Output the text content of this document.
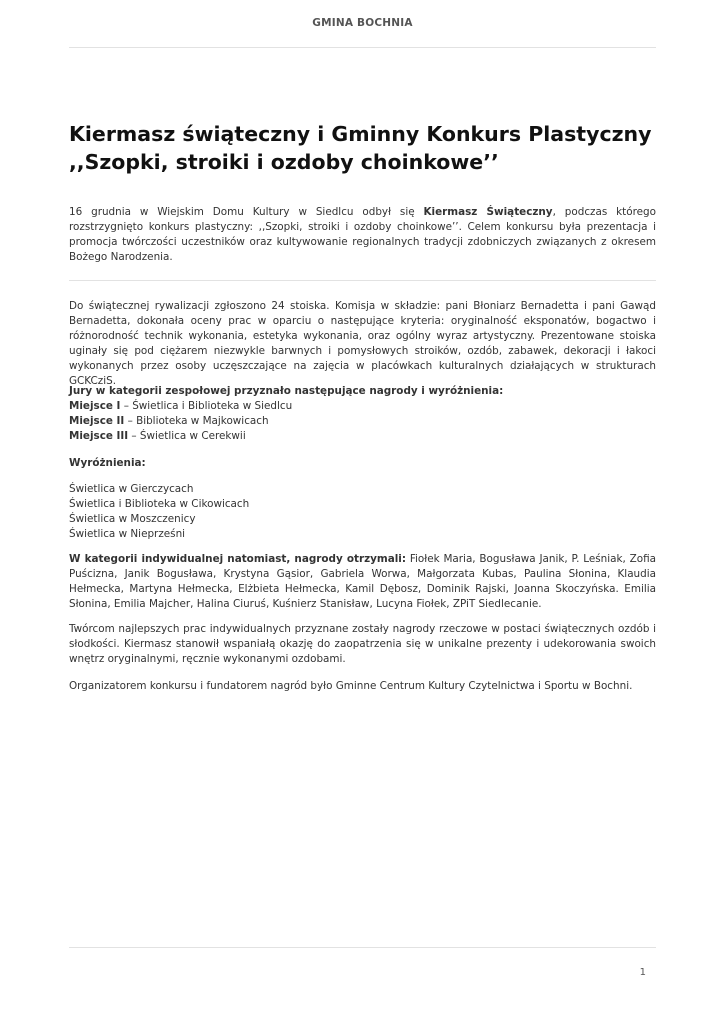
GMINA BOCHNIA
Kiermasz świąteczny i Gminny Konkurs Plastyczny
,,Szopki, stroiki i ozdoby choinkowe’’

16 grudnia w Wiejskim Domu Kultury w Siedlcu odbył się Kiermasz Świąteczny, podczas którego rozstrzygnięto konkurs plastyczny: ,,Szopki, stroiki i ozdoby choinkowe’’. Celem konkursu była prezentacja i promocja twórczości uczestników oraz kultywowanie regionalnych tradycji zdobniczych związanych z okresem Bożego Narodzenia.

Do świątecznej rywalizacji zgłoszono 24 stoiska. Komisja w składzie: pani Błoniarz Bernadetta i pani Gawąd Bernadetta, dokonała oceny prac w oparciu o następujące kryteria: oryginalność eksponatów, bogactwo i różnorodność technik wykonania, estetyka wykonania, oraz ogólny wyraz artystyczny. Prezentowane stoiska uginały się pod ciężarem niezwykle barwnych i pomysłowych stroików, ozdób, zabawek, dekoracji i łakoci wykonanych przez osoby uczęszczające na zajęcia w placówkach kulturalnych działających w strukturach GCKCziS.

Jury w kategorii zespołowej przyznało następujące nagrody i wyróżnienia:
Miejsce I – Świetlica i Biblioteka w Siedlcu
Miejsce II – Biblioteka w Majkowicach
Miejsce III – Świetlica w Cerekwii

Wyróżnienia:

Świetlica w Gierczycach
Świetlica i Biblioteka w Cikowicach
Świetlica w Moszczenicy
Świetlica w Nieprześni

W kategorii indywidualnej natomiast, nagrody otrzymali: Fiołek Maria, Bogusława Janik, P. Leśniak, Zofia Puścizna, Janik Bogusława, Krystyna Gąsior, Gabriela Worwa, Małgorzata Kubas, Paulina Słonina, Klaudia Hełmecka, Martyna Hełmecka, Elżbieta Hełmecka, Kamil Dębosz, Dominik Rajski, Joanna Skoczyńska. Emilia Słonina, Emilia Majcher, Halina Ciuruś, Kuśnierz Stanisław, Lucyna Fiołek, ZPiT Siedlecanie.

Twórcom najlepszych prac indywidualnych przyznane zostały nagrody rzeczowe w postaci świątecznych ozdób i słodkości. Kiermasz stanowił wspaniałą okazję do zaopatrzenia się w unikalne prezenty i udekorowania swoich wnętrz oryginalnymi, ręcznie wykonanymi ozdobami.

Organizatorem konkursu i fundatorem nagród było Gminne Centrum Kultury Czytelnictwa i Sportu w Bochni.

1
